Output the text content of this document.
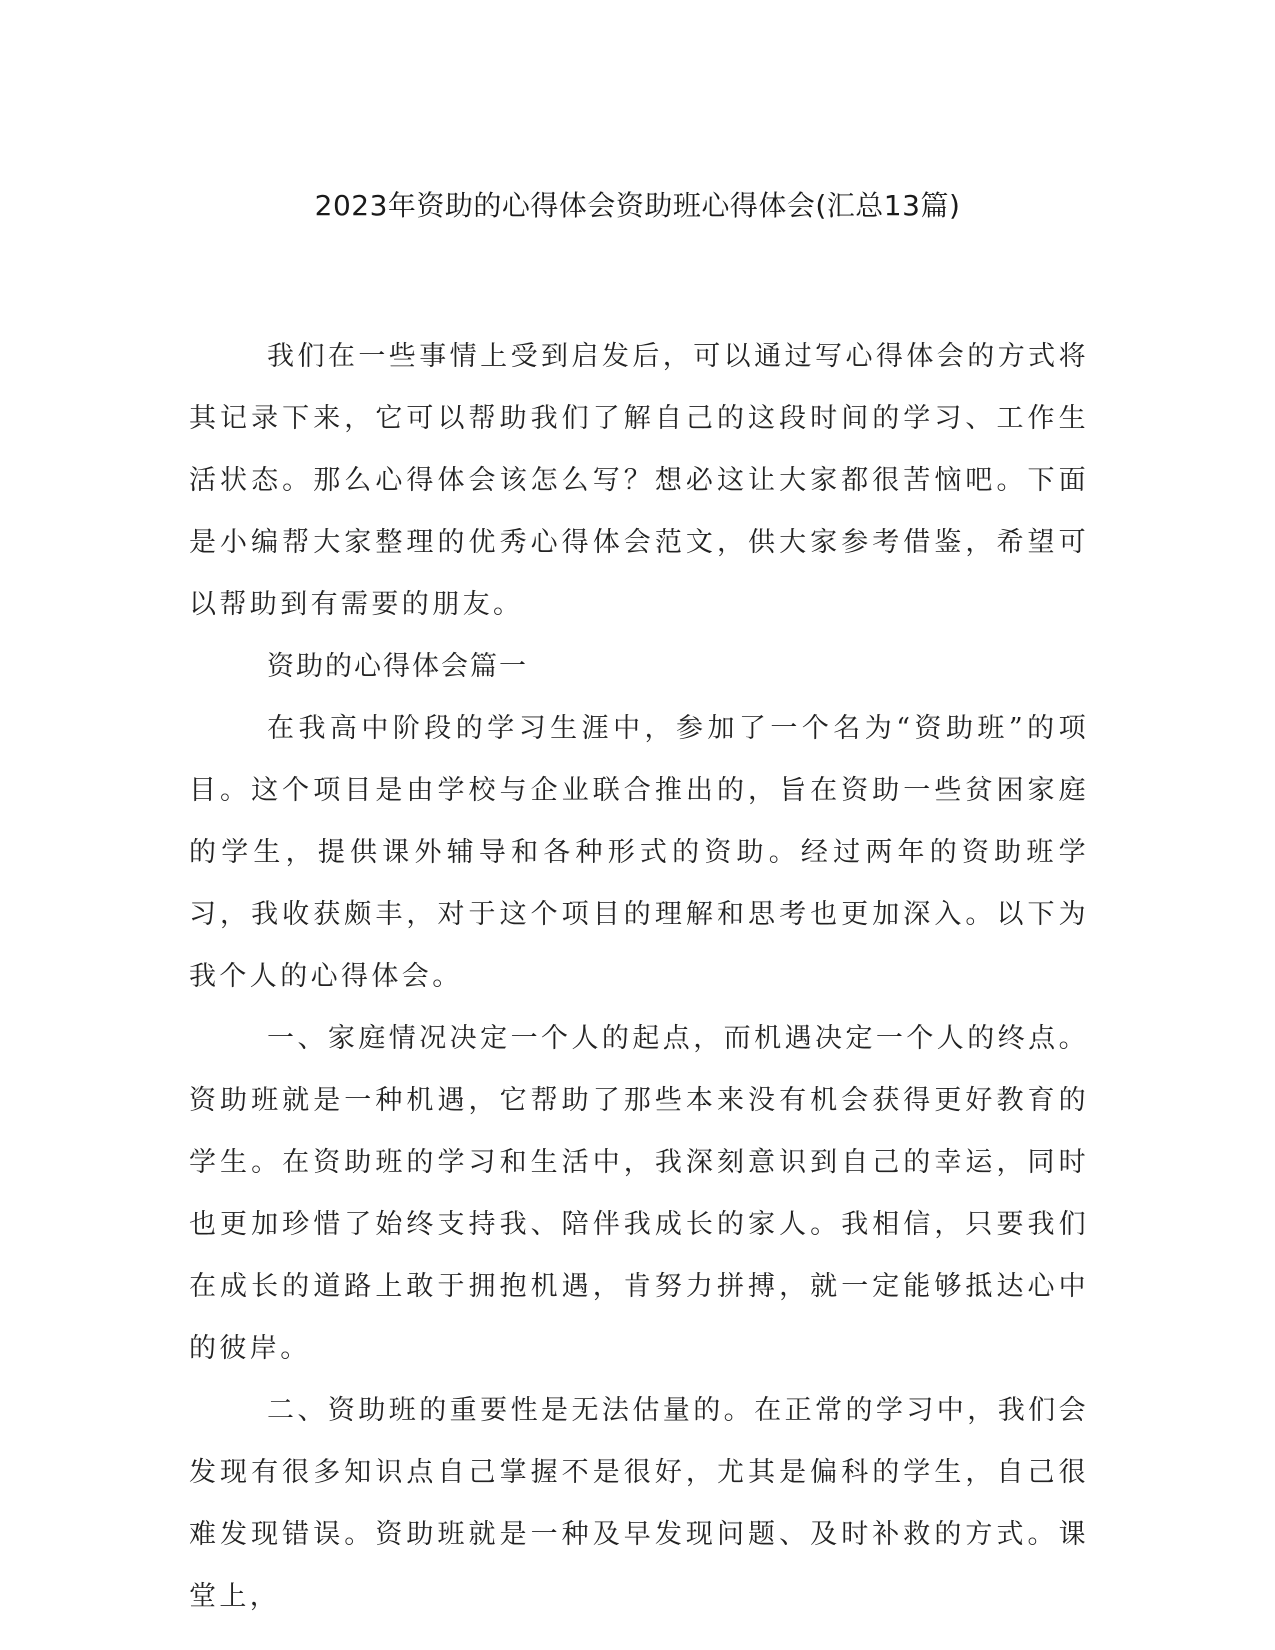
2023年资助的心得体会资助班心得体会(汇总13篇)

我们在一些事情上受到启发后，可以通过写心得体会的方式将其记录下来，它可以帮助我们了解自己的这段时间的学习、工作生活状态。那么心得体会该怎么写？想必这让大家都很苦恼吧。下面是小编帮大家整理的优秀心得体会范文，供大家参考借鉴，希望可以帮助到有需要的朋友。

资助的心得体会篇一

在我高中阶段的学习生涯中，参加了一个名为“资助班”的项目。这个项目是由学校与企业联合推出的，旨在资助一些贫困家庭的学生，提供课外辅导和各种形式的资助。经过两年的资助班学习，我收获颇丰，对于这个项目的理解和思考也更加深入。以下为我个人的心得体会。

一、家庭情况决定一个人的起点，而机遇决定一个人的终点。资助班就是一种机遇，它帮助了那些本来没有机会获得更好教育的学生。在资助班的学习和生活中，我深刻意识到自己的幸运，同时也更加珍惜了始终支持我、陪伴我成长的家人。我相信，只要我们在成长的道路上敢于拥抱机遇，肯努力拼搏，就一定能够抵达心中的彼岸。

二、资助班的重要性是无法估量的。在正常的学习中，我们会发现有很多知识点自己掌握不是很好，尤其是偏科的学生，自己很难发现错误。资助班就是一种及早发现问题、及时补救的方式。课堂上，
